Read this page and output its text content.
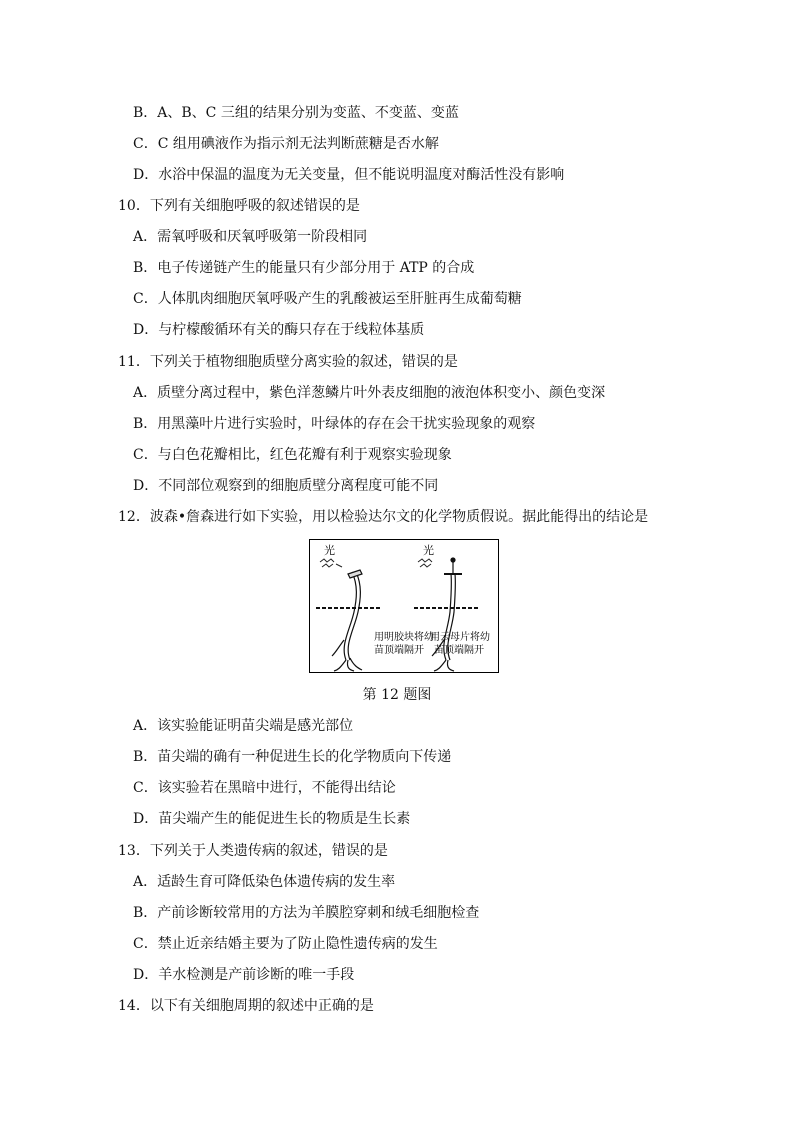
B．A、B、C 三组的结果分别为变蓝、不变蓝、变蓝
C．C 组用碘液作为指示剂无法判断蔗糖是否水解
D．水浴中保温的温度为无关变量，但不能说明温度对酶活性没有影响
10．下列有关细胞呼吸的叙述错误的是
A．需氧呼吸和厌氧呼吸第一阶段相同
B．电子传递链产生的能量只有少部分用于 ATP 的合成
C．人体肌肉细胞厌氧呼吸产生的乳酸被运至肝脏再生成葡萄糖
D．与柠檬酸循环有关的酶只存在于线粒体基质
11．下列关于植物细胞质壁分离实验的叙述，错误的是
A．质壁分离过程中，紫色洋葱鳞片叶外表皮细胞的液泡体积变小、颜色变深
B．用黑藻叶片进行实验时，叶绿体的存在会干扰实验现象的观察
C．与白色花瓣相比，红色花瓣有利于观察实验现象
D．不同部位观察到的细胞质壁分离程度可能不同
12．波森•詹森进行如下实验，用以检验达尔文的化学物质假说。据此能得出的结论是
光	光
用明胶块将幼
苗顶端隔开
用云母片将幼
苗顶端隔开
第 12 题图
A．该实验能证明苗尖端是感光部位
B．苗尖端的确有一种促进生长的化学物质向下传递
C．该实验若在黑暗中进行，不能得出结论
D．苗尖端产生的能促进生长的物质是生长素
13．下列关于人类遗传病的叙述，错误的是
A．适龄生育可降低染色体遗传病的发生率
B．产前诊断较常用的方法为羊膜腔穿刺和绒毛细胞检查
C．禁止近亲结婚主要为了防止隐性遗传病的发生
D．羊水检测是产前诊断的唯一手段
14．以下有关细胞周期的叙述中正确的是
